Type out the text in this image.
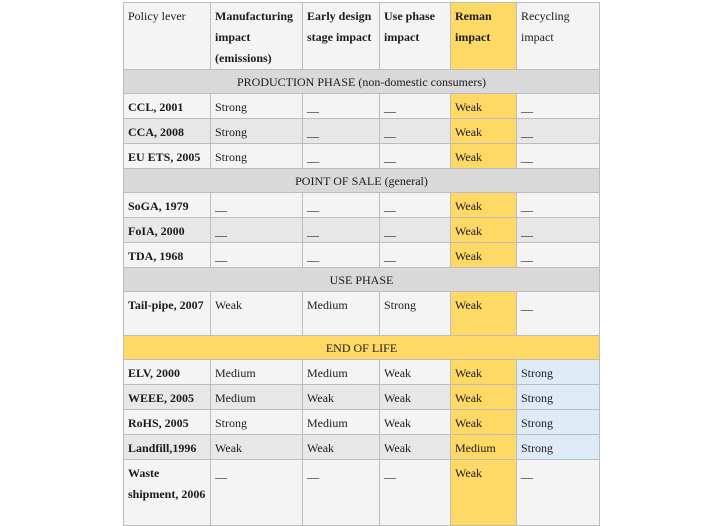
Policy lever	Manufacturing impact (emissions)	Early design stage impact	Use phase impact	Reman impact	Recycling impact
PRODUCTION PHASE (non-domestic consumers)					
CCL, 2001	Strong	__	__	Weak	__
CCA, 2008	Strong	__	__	Weak	__
EU ETS, 2005	Strong	__	__	Weak	__
POINT OF SALE (general)					
SoGA, 1979	__	__	__	Weak	__
FoIA, 2000	__	__	__	Weak	__
TDA, 1968	__	__	__	Weak	__
USE PHASE					
Tail-pipe, 2007	Weak	Medium	Strong	Weak	__
END OF LIFE					
ELV, 2000	Medium	Medium	Weak	Weak	Strong
WEEE, 2005	Medium	Weak	Weak	Weak	Strong
RoHS, 2005	Strong	Medium	Weak	Weak	Strong
Landfill,1996	Weak	Weak	Weak	Medium	Strong
Waste shipment, 2006	__	__	__	Weak	__
